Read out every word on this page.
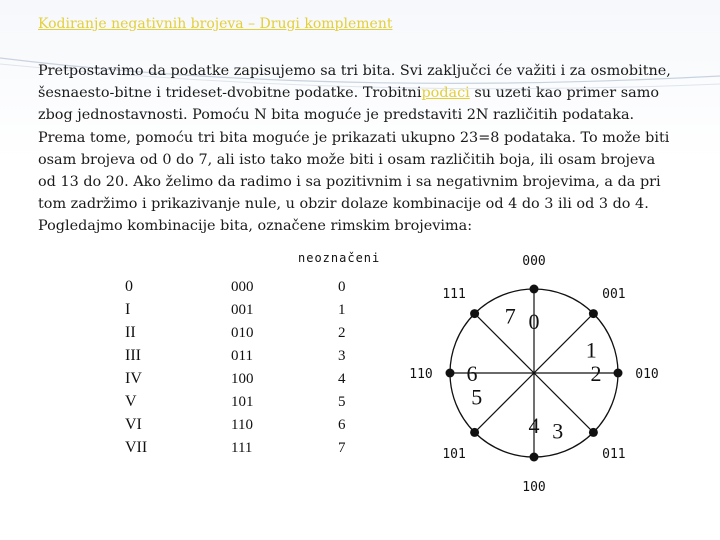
Kodiranje negativnih brojeva – Drugi komplement
Pretpostavimo da podatke zapisujemo sa tri bita. Svi zaključci će važiti i za osmobitne,
šesnaesto-bitne i trideset-dvobitne podatke. Trobitnipodaci su uzeti kao primer samo
zbog jednostavnosti. Pomoću N bita moguće je predstaviti 2N različitih podataka.
Prema tome, pomoću tri bita moguće je prikazati ukupno 23=8 podataka. To može biti
osam brojeva od 0 do 7, ali isto tako može biti i osam različitih boja, ili osam brojeva
od 13 do 20. Ako želimo da radimo i sa pozitivnim i sa negativnim brojevima, a da pri
tom zadržimo i prikazivanje nule, u obzir dolaze kombinacije od 4 do 3 ili od 3 do 4.
Pogledajmo kombinacije bita, označene rimskim brojevima:
neoznačeni
0	000	0
I	001	1
II	010	2
III	011	3
IV	100	4
V	101	5
VI	110	6
VII	111	7
000
0
001
1
010
2
011
3
100
4
101
5
110 6
111
7
